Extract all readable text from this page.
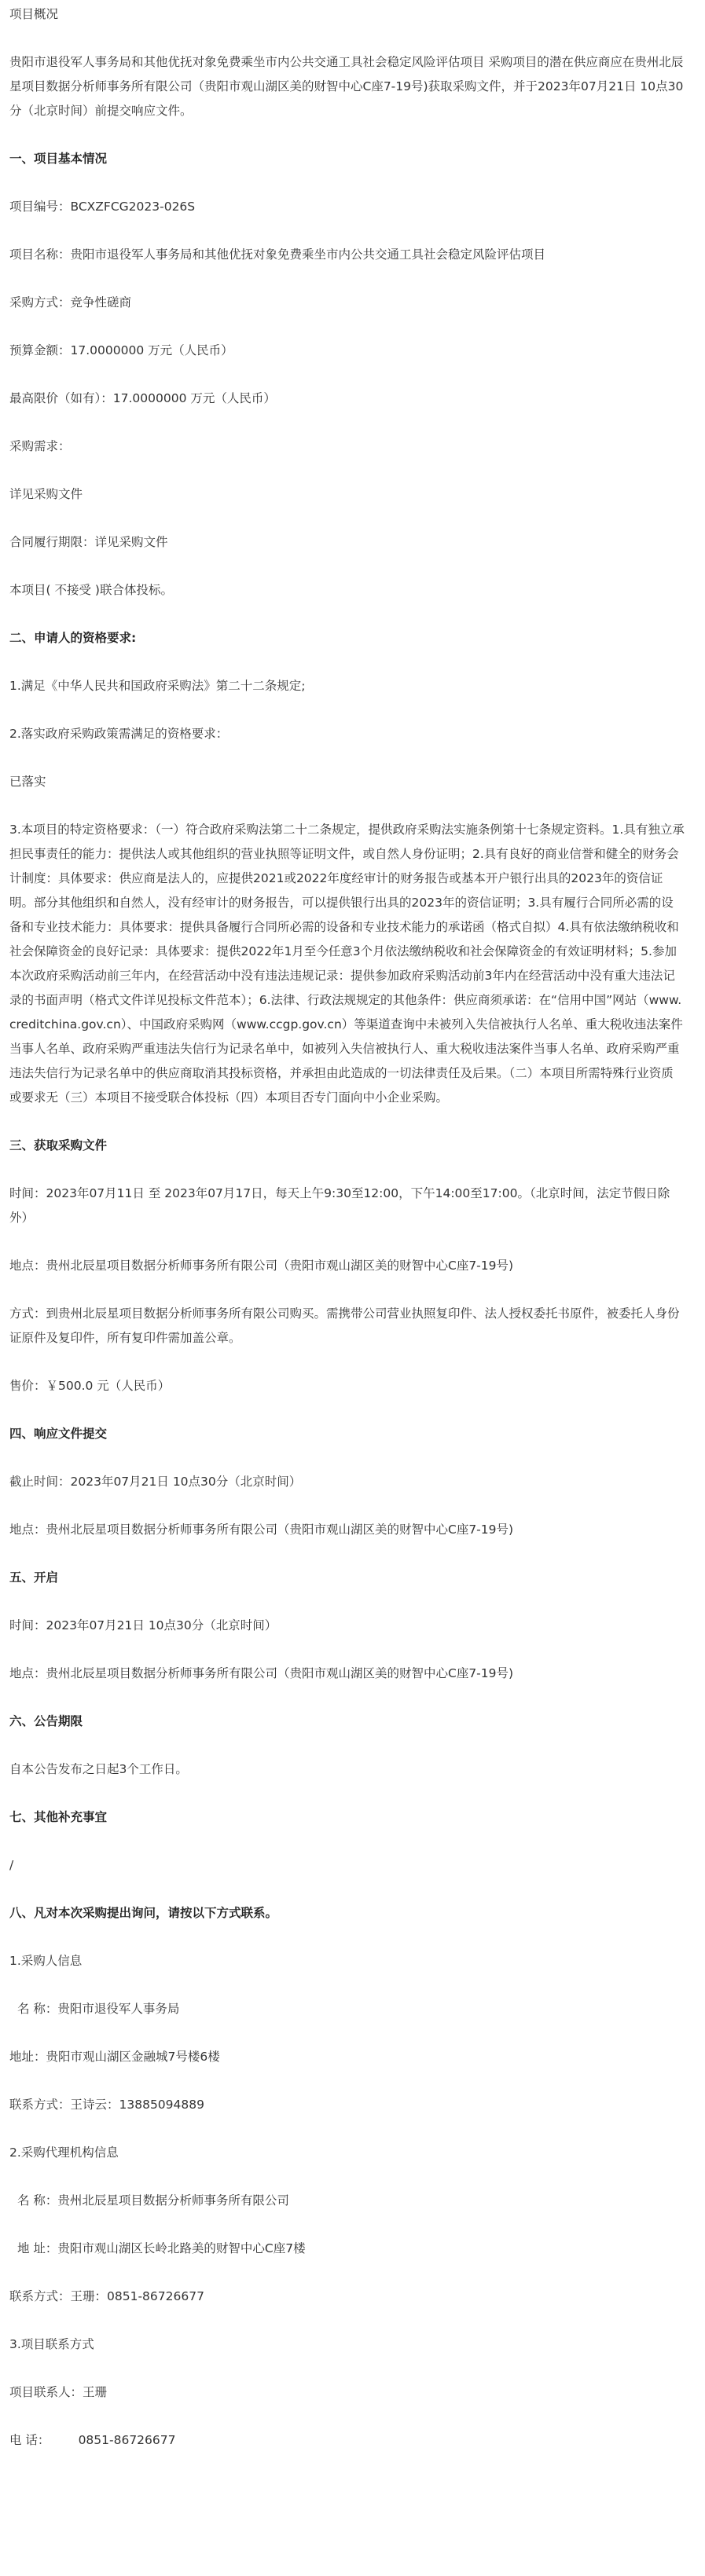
项目概况

贵阳市退役军人事务局和其他优抚对象免费乘坐市内公共交通工具社会稳定风险评估项目 采购项目的潜在供应商应在贵州北辰星项目数据分析师事务所有限公司（贵阳市观山湖区美的财智中心C座7-19号)获取采购文件，并于2023年07月21日 10点30分（北京时间）前提交响应文件。

一、项目基本情况

项目编号：BCXZFCG2023-026S

项目名称：贵阳市退役军人事务局和其他优抚对象免费乘坐市内公共交通工具社会稳定风险评估项目

采购方式：竞争性磋商

预算金额：17.0000000 万元（人民币）

最高限价（如有）：17.0000000 万元（人民币）

采购需求：

详见采购文件

合同履行期限：详见采购文件

本项目( 不接受 )联合体投标。

二、申请人的资格要求:

1.满足《中华人民共和国政府采购法》第二十二条规定;

2.落实政府采购政策需满足的资格要求：

已落实

3.本项目的特定资格要求：（一）符合政府采购法第二十二条规定，提供政府采购法实施条例第十七条规定资料。1.具有独立承担民事责任的能力：提供法人或其他组织的营业执照等证明文件，或自然人身份证明；2.具有良好的商业信誉和健全的财务会计制度：具体要求：供应商是法人的，应提供2021或2022年度经审计的财务报告或基本开户银行出具的2023年的资信证明。部分其他组织和自然人，没有经审计的财务报告，可以提供银行出具的2023年的资信证明；3.具有履行合同所必需的设备和专业技术能力：具体要求：提供具备履行合同所必需的设备和专业技术能力的承诺函（格式自拟）4.具有依法缴纳税收和社会保障资金的良好记录：具体要求：提供2022年1月至今任意3个月依法缴纳税收和社会保障资金的有效证明材料；5.参加本次政府采购活动前三年内，在经营活动中没有违法违规记录：提供参加政府采购活动前3年内在经营活动中没有重大违法记录的书面声明（格式文件详见投标文件范本）；6.法律、行政法规规定的其他条件：供应商须承诺：在“信用中国”网站（www.creditchina.gov.cn）、中国政府采购网（www.ccgp.gov.cn）等渠道查询中未被列入失信被执行人名单、重大税收违法案件当事人名单、政府采购严重违法失信行为记录名单中，如被列入失信被执行人、重大税收违法案件当事人名单、政府采购严重违法失信行为记录名单中的供应商取消其投标资格，并承担由此造成的一切法律责任及后果。（二）本项目所需特殊行业资质或要求无（三）本项目不接受联合体投标（四）本项目否专门面向中小企业采购。

三、获取采购文件

时间：2023年07月11日 至 2023年07月17日，每天上午9:30至12:00，下午14:00至17:00。（北京时间，法定节假日除外）

地点：贵州北辰星项目数据分析师事务所有限公司（贵阳市观山湖区美的财智中心C座7-19号)

方式：到贵州北辰星项目数据分析师事务所有限公司购买。需携带公司营业执照复印件、法人授权委托书原件，被委托人身份证原件及复印件，所有复印件需加盖公章。

售价：￥500.0 元（人民币）

四、响应文件提交

截止时间：2023年07月21日 10点30分（北京时间）

地点：贵州北辰星项目数据分析师事务所有限公司（贵阳市观山湖区美的财智中心C座7-19号)

五、开启

时间：2023年07月21日 10点30分（北京时间）

地点：贵州北辰星项目数据分析师事务所有限公司（贵阳市观山湖区美的财智中心C座7-19号)

六、公告期限

自本公告发布之日起3个工作日。

七、其他补充事宜

/

八、凡对本次采购提出询问，请按以下方式联系。

1.采购人信息

名 称：贵阳市退役军人事务局

地址：贵阳市观山湖区金融城7号楼6楼

联系方式：王诗云：13885094889

2.采购代理机构信息

名 称：贵州北辰星项目数据分析师事务所有限公司

地 址：贵阳市观山湖区长岭北路美的财智中心C座7楼

联系方式：王珊：0851-86726677

3.项目联系方式

项目联系人：王珊

电 话： 0851-86726677
